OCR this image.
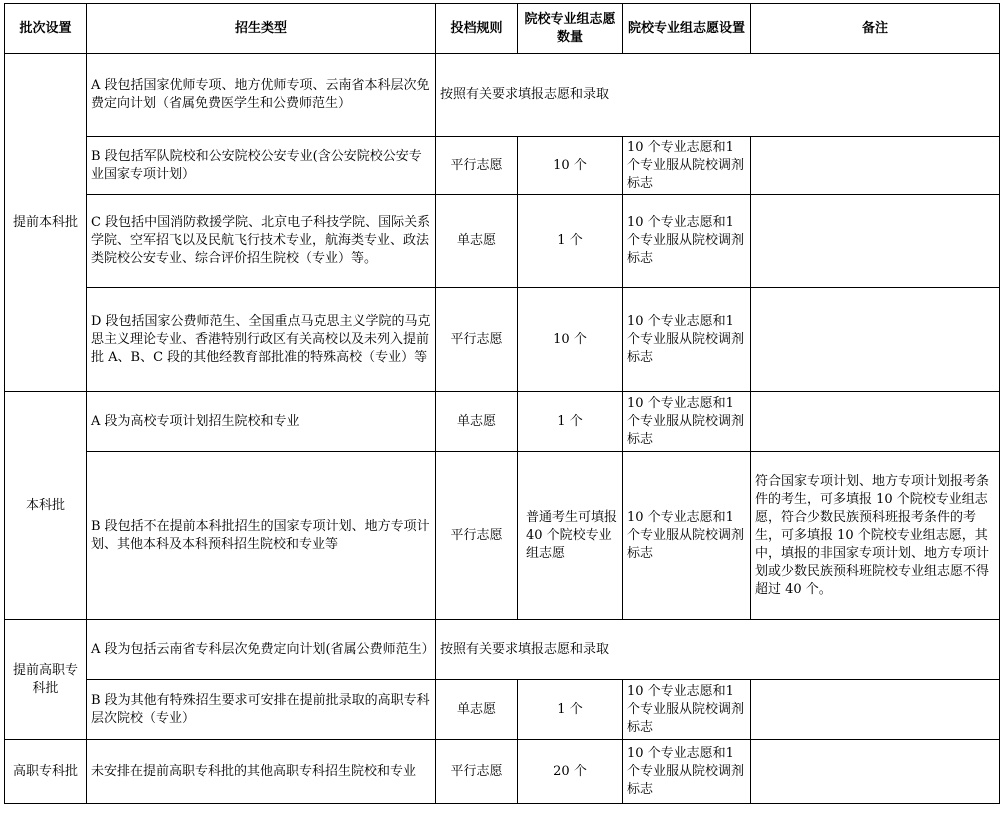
批次设置	招生类型	投档规则	院校专业组志愿数量	院校专业组志愿设置	备注
提前本科批	A 段包括国家优师专项、地方优师专项、云南省本科层次免费定向计划（省属免费医学生和公费师范生）	按照有关要求填报志愿和录取			
	B 段包括军队院校和公安院校公安专业(含公安院校公安专业国家专项计划）	平行志愿	10 个	10 个专业志愿和1 个专业服从院校调剂标志	
	C 段包括中国消防救援学院、北京电子科技学院、国际关系学院、空军招飞以及民航飞行技术专业，航海类专业、政法类院校公安专业、综合评价招生院校（专业）等。	单志愿	1 个	10 个专业志愿和1 个专业服从院校调剂标志	
	D 段包括国家公费师范生、全国重点马克思主义学院的马克思主义理论专业、香港特别行政区有关高校以及未列入提前批 A、B、C 段的其他经教育部批准的特殊高校（专业）等	平行志愿	10 个	10 个专业志愿和1 个专业服从院校调剂标志	
本科批	A 段为高校专项计划招生院校和专业	单志愿	1 个	10 个专业志愿和1 个专业服从院校调剂标志	
	B 段包括不在提前本科批招生的国家专项计划、地方专项计划、其他本科及本科预科招生院校和专业等	平行志愿	普通考生可填报 40 个院校专业组志愿	10 个专业志愿和1 个专业服从院校调剂标志	符合国家专项计划、地方专项计划报考条件的考生，可多填报 10 个院校专业组志愿，符合少数民族预科班报考条件的考生，可多填报 10 个院校专业组志愿，其中，填报的非国家专项计划、地方专项计划或少数民族预科班院校专业组志愿不得超过 40 个。
提前高职专科批	A 段为包括云南省专科层次免费定向计划(省属公费师范生）	按照有关要求填报志愿和录取			
	B 段为其他有特殊招生要求可安排在提前批录取的高职专科层次院校（专业）	单志愿	1 个	10 个专业志愿和1 个专业服从院校调剂标志	
高职专科批	未安排在提前高职专科批的其他高职专科招生院校和专业	平行志愿	20 个	10 个专业志愿和1 个专业服从院校调剂标志	
